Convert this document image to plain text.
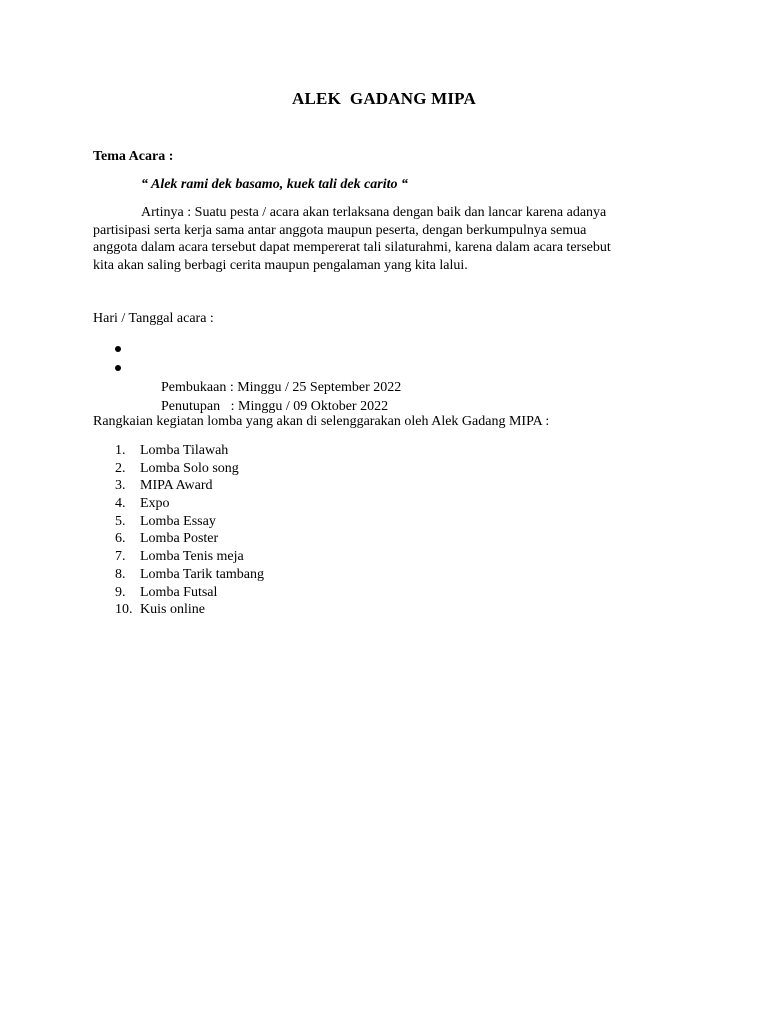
ALEK  GADANG MIPA

Tema Acara :

“ Alek rami dek basamo, kuek tali dek carito “

Artinya : Suatu pesta / acara akan terlaksana dengan baik dan lancar karena adanya
partisipasi serta kerja sama antar anggota maupun peserta, dengan berkumpulnya semua
anggota dalam acara tersebut dapat mempererat tali silaturahmi, karena dalam acara tersebut
kita akan saling berbagi cerita maupun pengalaman yang kita lalui.

Hari / Tanggal acara :

Pembukaan : Minggu / 25 September 2022

Penutupan   : Minggu / 09 Oktober 2022

Rangkaian kegiatan lomba yang akan di selenggarakan oleh Alek Gadang MIPA :

1. Lomba Tilawah
2. Lomba Solo song
3. MIPA Award
4. Expo
5. Lomba Essay
6. Lomba Poster
7. Lomba Tenis meja
8. Lomba Tarik tambang
9. Lomba Futsal
10. Kuis online
